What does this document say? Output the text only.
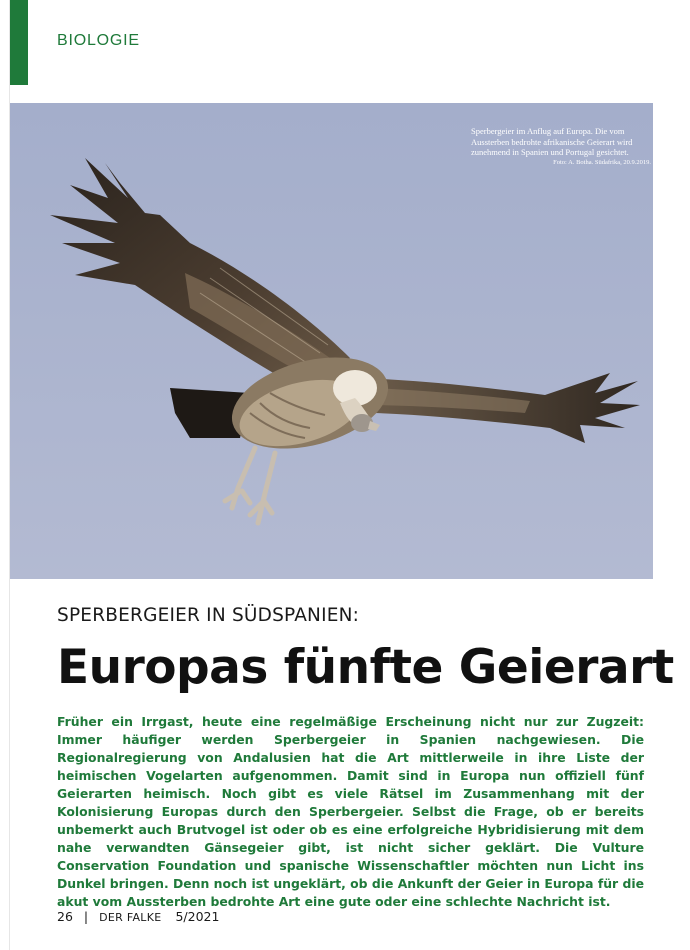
BIOLOGIE
Sperbergeier im Anflug auf Europa. Die vom Aussterben bedrohte afrikanische Geierart wird zunehmend in Spanien und Portugal gesichtet.
Foto: A. Botha. Südafrika, 20.9.2019.
SPERBERGEIER IN SÜDSPANIEN:
Europas fünfte Geierart
Früher ein Irrgast, heute eine regelmäßige Erscheinung nicht nur zur Zugzeit: Immer häufiger werden Sperbergeier in Spanien nachgewiesen. Die Regionalregierung von Andalusien hat die Art mittlerweile in ihre Liste der heimischen Vogelarten aufgenommen. Damit sind in Europa nun offiziell fünf Geierarten heimisch. Noch gibt es viele Rätsel im Zusammenhang mit der Kolonisierung Europas durch den Sperbergeier. Selbst die Frage, ob er bereits unbemerkt auch Brutvogel ist oder ob es eine erfolgreiche Hybridisierung mit dem nahe verwandten Gänsegeier gibt, ist nicht sicher geklärt. Die Vulture Conservation Foundation und spanische Wissenschaftler möchten nun Licht ins Dunkel bringen. Denn noch ist ungeklärt, ob die Ankunft der Geier in Europa für die akut vom Aussterben bedrohte Art eine gute oder eine schlechte Nachricht ist.
26 | DER FALKE 5/2021
